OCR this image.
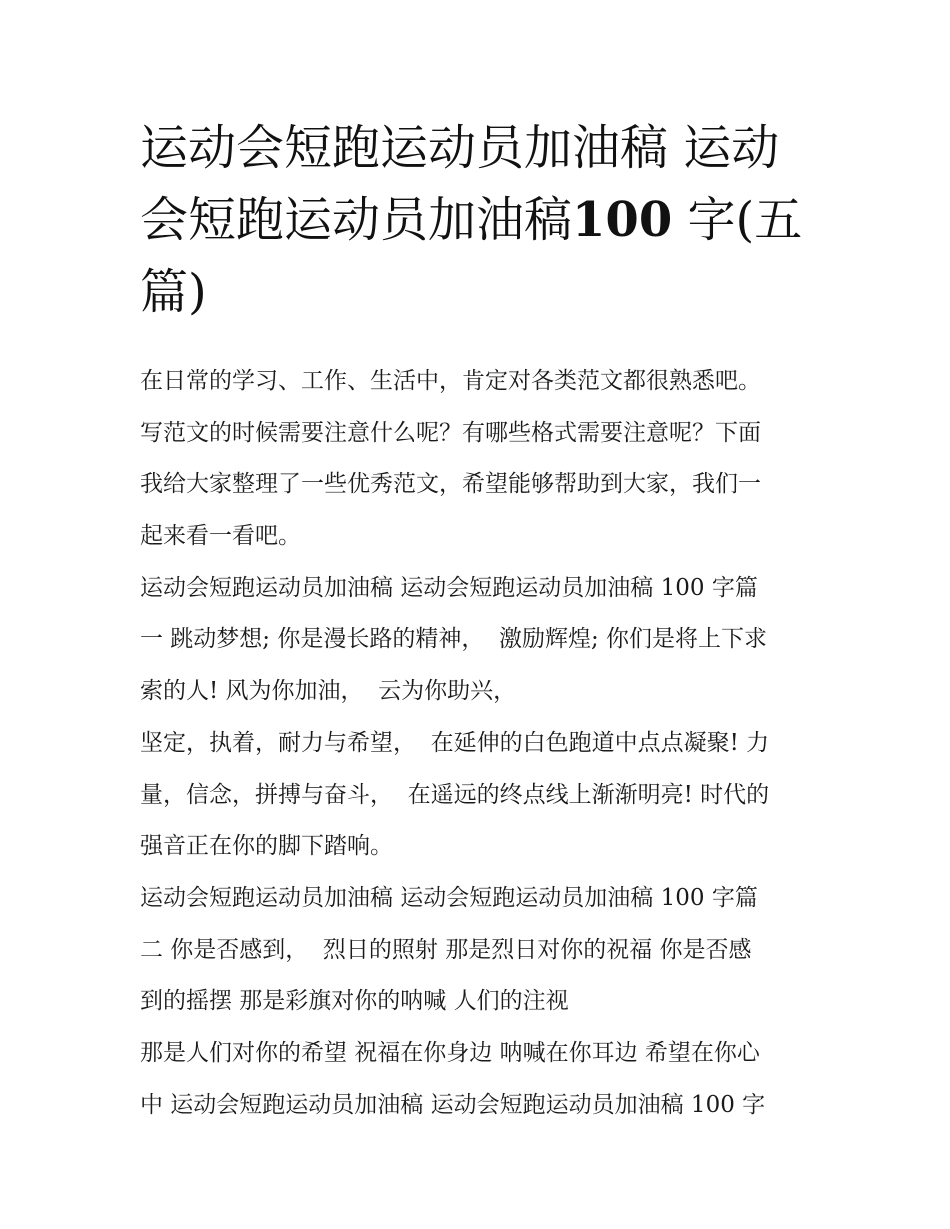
运动会短跑运动员加油稿 运动
会短跑运动员加油稿100 字(五
篇)
在日常的学习、工作、生活中，肯定对各类范文都很熟悉吧。
写范文的时候需要注意什么呢？有哪些格式需要注意呢？下面
我给大家整理了一些优秀范文，希望能够帮助到大家，我们一
起来看一看吧。
运动会短跑运动员加油稿 运动会短跑运动员加油稿 100 字篇
一 跳动梦想; 你是漫长路的精神，  激励辉煌; 你们是将上下求
索的人! 风为你加油，  云为你助兴，
坚定，执着，耐力与希望，  在延伸的白色跑道中点点凝聚! 力
量，信念，拼搏与奋斗，  在遥远的终点线上渐渐明亮! 时代的
强音正在你的脚下踏响。
运动会短跑运动员加油稿 运动会短跑运动员加油稿 100 字篇
二 你是否感到，  烈日的照射 那是烈日对你的祝福 你是否感
到的摇摆 那是彩旗对你的呐喊 人们的注视
那是人们对你的希望 祝福在你身边 呐喊在你耳边 希望在你心
中 运动会短跑运动员加油稿 运动会短跑运动员加油稿 100 字
